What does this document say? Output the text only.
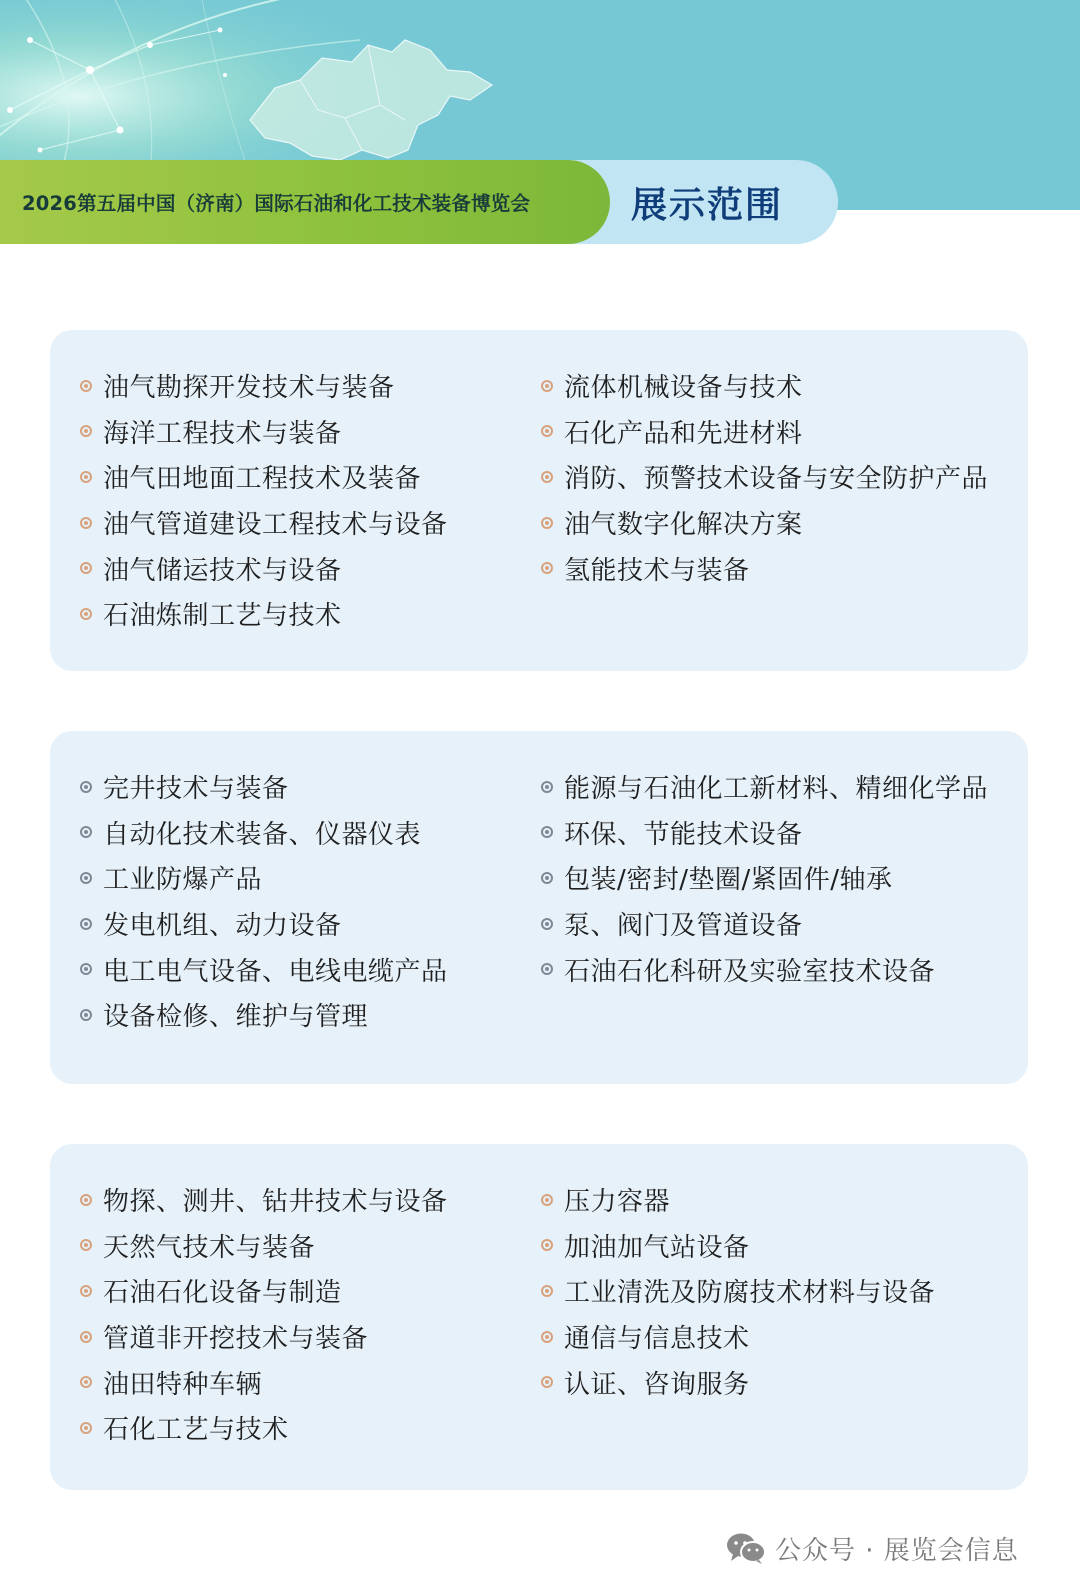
展示范围
2026第五届中国（济南）国际石油和化工技术装备博览会
油气勘探开发技术与装备
海洋工程技术与装备
油气田地面工程技术及装备
油气管道建设工程技术与设备
油气储运技术与设备
石油炼制工艺与技术
流体机械设备与技术
石化产品和先进材料
消防、预警技术设备与安全防护产品
油气数字化解决方案
氢能技术与装备
完井技术与装备
自动化技术装备、仪器仪表
工业防爆产品
发电机组、动力设备
电工电气设备、电线电缆产品
设备检修、维护与管理
能源与石油化工新材料、精细化学品
环保、节能技术设备
包装/密封/垫圈/紧固件/轴承
泵、阀门及管道设备
石油石化科研及实验室技术设备
物探、测井、钻井技术与设备
天然气技术与装备
石油石化设备与制造
管道非开挖技术与装备
油田特种车辆
石化工艺与技术
压力容器
加油加气站设备
工业清洗及防腐技术材料与设备
通信与信息技术
认证、咨询服务
公众号 · 展览会信息
